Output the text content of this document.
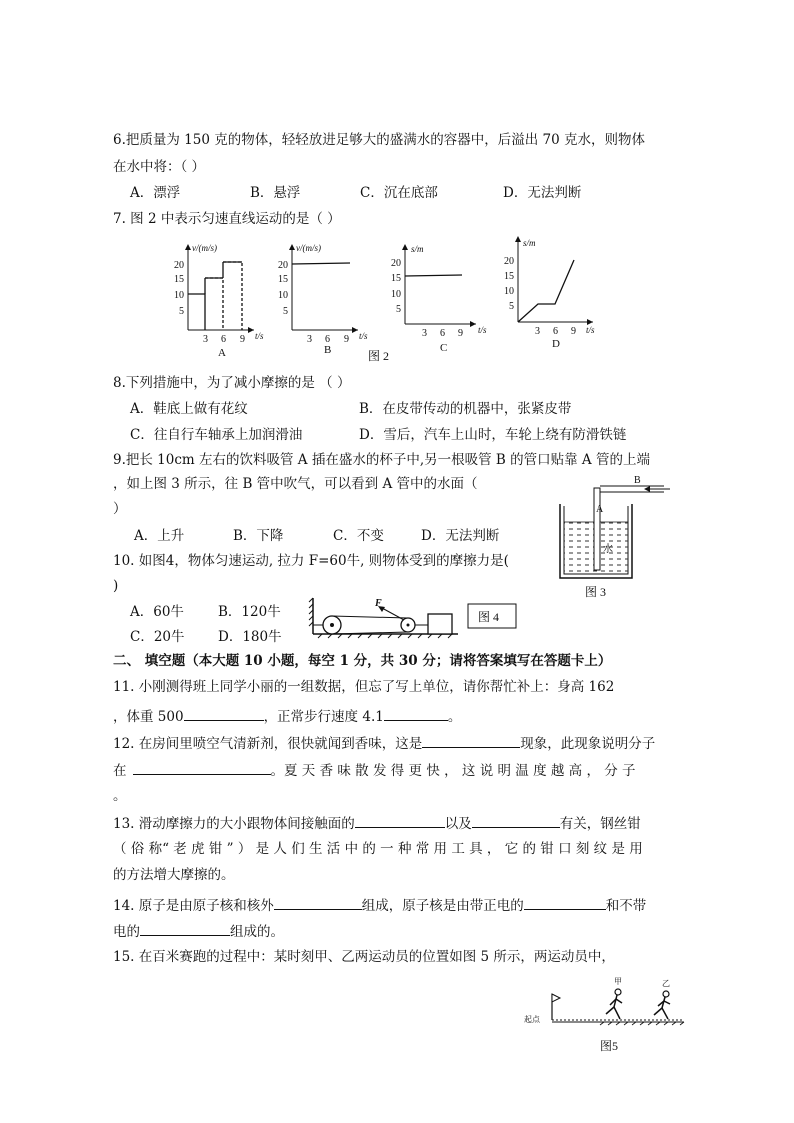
6.把质量为 150 克的物体，轻轻放进足够大的盛满水的容器中，后溢出 70 克水，则物体
在水中将：（ ）
A．漂浮	B．悬浮	C．沉在底部	D．无法判断
7. 图 2 中表示匀速直线运动的是（ ）
v/(m/s)
t/s
20
15
10
5
3 6 9
A
v/(m/s)
t/s
20
15
10
5
3 6 9
B
s/m
t/s
20
15
10
5
3 6 9
C
s/m
t/s
20
15
10
5
3 6 9
D
图 2
8.下列措施中，为了减小摩擦的是 （ ）
A．鞋底上做有花纹	B．在皮带传动的机器中，张紧皮带
C．往自行车轴承上加润滑油	D．雪后，汽车上山时，车轮上绕有防滑铁链
9.把长 10cm 左右的饮料吸管 A 插在盛水的杯子中,另一根吸管 B 的管口贴靠 A 管的上端
，如上图 3 所示，往 B 管中吹气，可以看到 A 管中的水面（
）
A．上升	B．下降	C．不变	D．无法判断
A
水
B
图 3
10. 如图4，物体匀速运动, 拉力 F=60牛, 则物体受到的摩擦力是(
)
A．60牛	B．120牛
C．20牛 D．180牛
F
图 4
二、 填空题（本大题 10 小题，每空 1 分，共 30 分；请将答案填写在答题卡上）
11. 小刚测得班上同学小丽的一组数据，但忘了写上单位，请你帮忙补上：身高 162
，体重 500	，正常步行速度 4.1	。
12. 在房间里喷空气清新剂，很快就闻到香味，这是	现象，此现象说明分子
在	。夏 天 香 味 散 发 得 更 快 ， 这 说 明 温 度 越 高 ， 分 子
。
13. 滑动摩擦力的大小跟物体间接触面的	以及	有关，钢丝钳
（ 俗 称“ 老 虎 钳 ” ） 是 人 们 生 活 中 的 一 种 常 用 工 具 ， 它 的 钳 口 刻 纹 是 用
的方法增大摩擦的。
14. 原子是由原子核和核外	组成，原子核是由带正电的	和不带
电的	组成的。
15. 在百米赛跑的过程中：某时刻甲、乙两运动员的位置如图 5 所示，两运动员中，
起点
甲	乙
图5
